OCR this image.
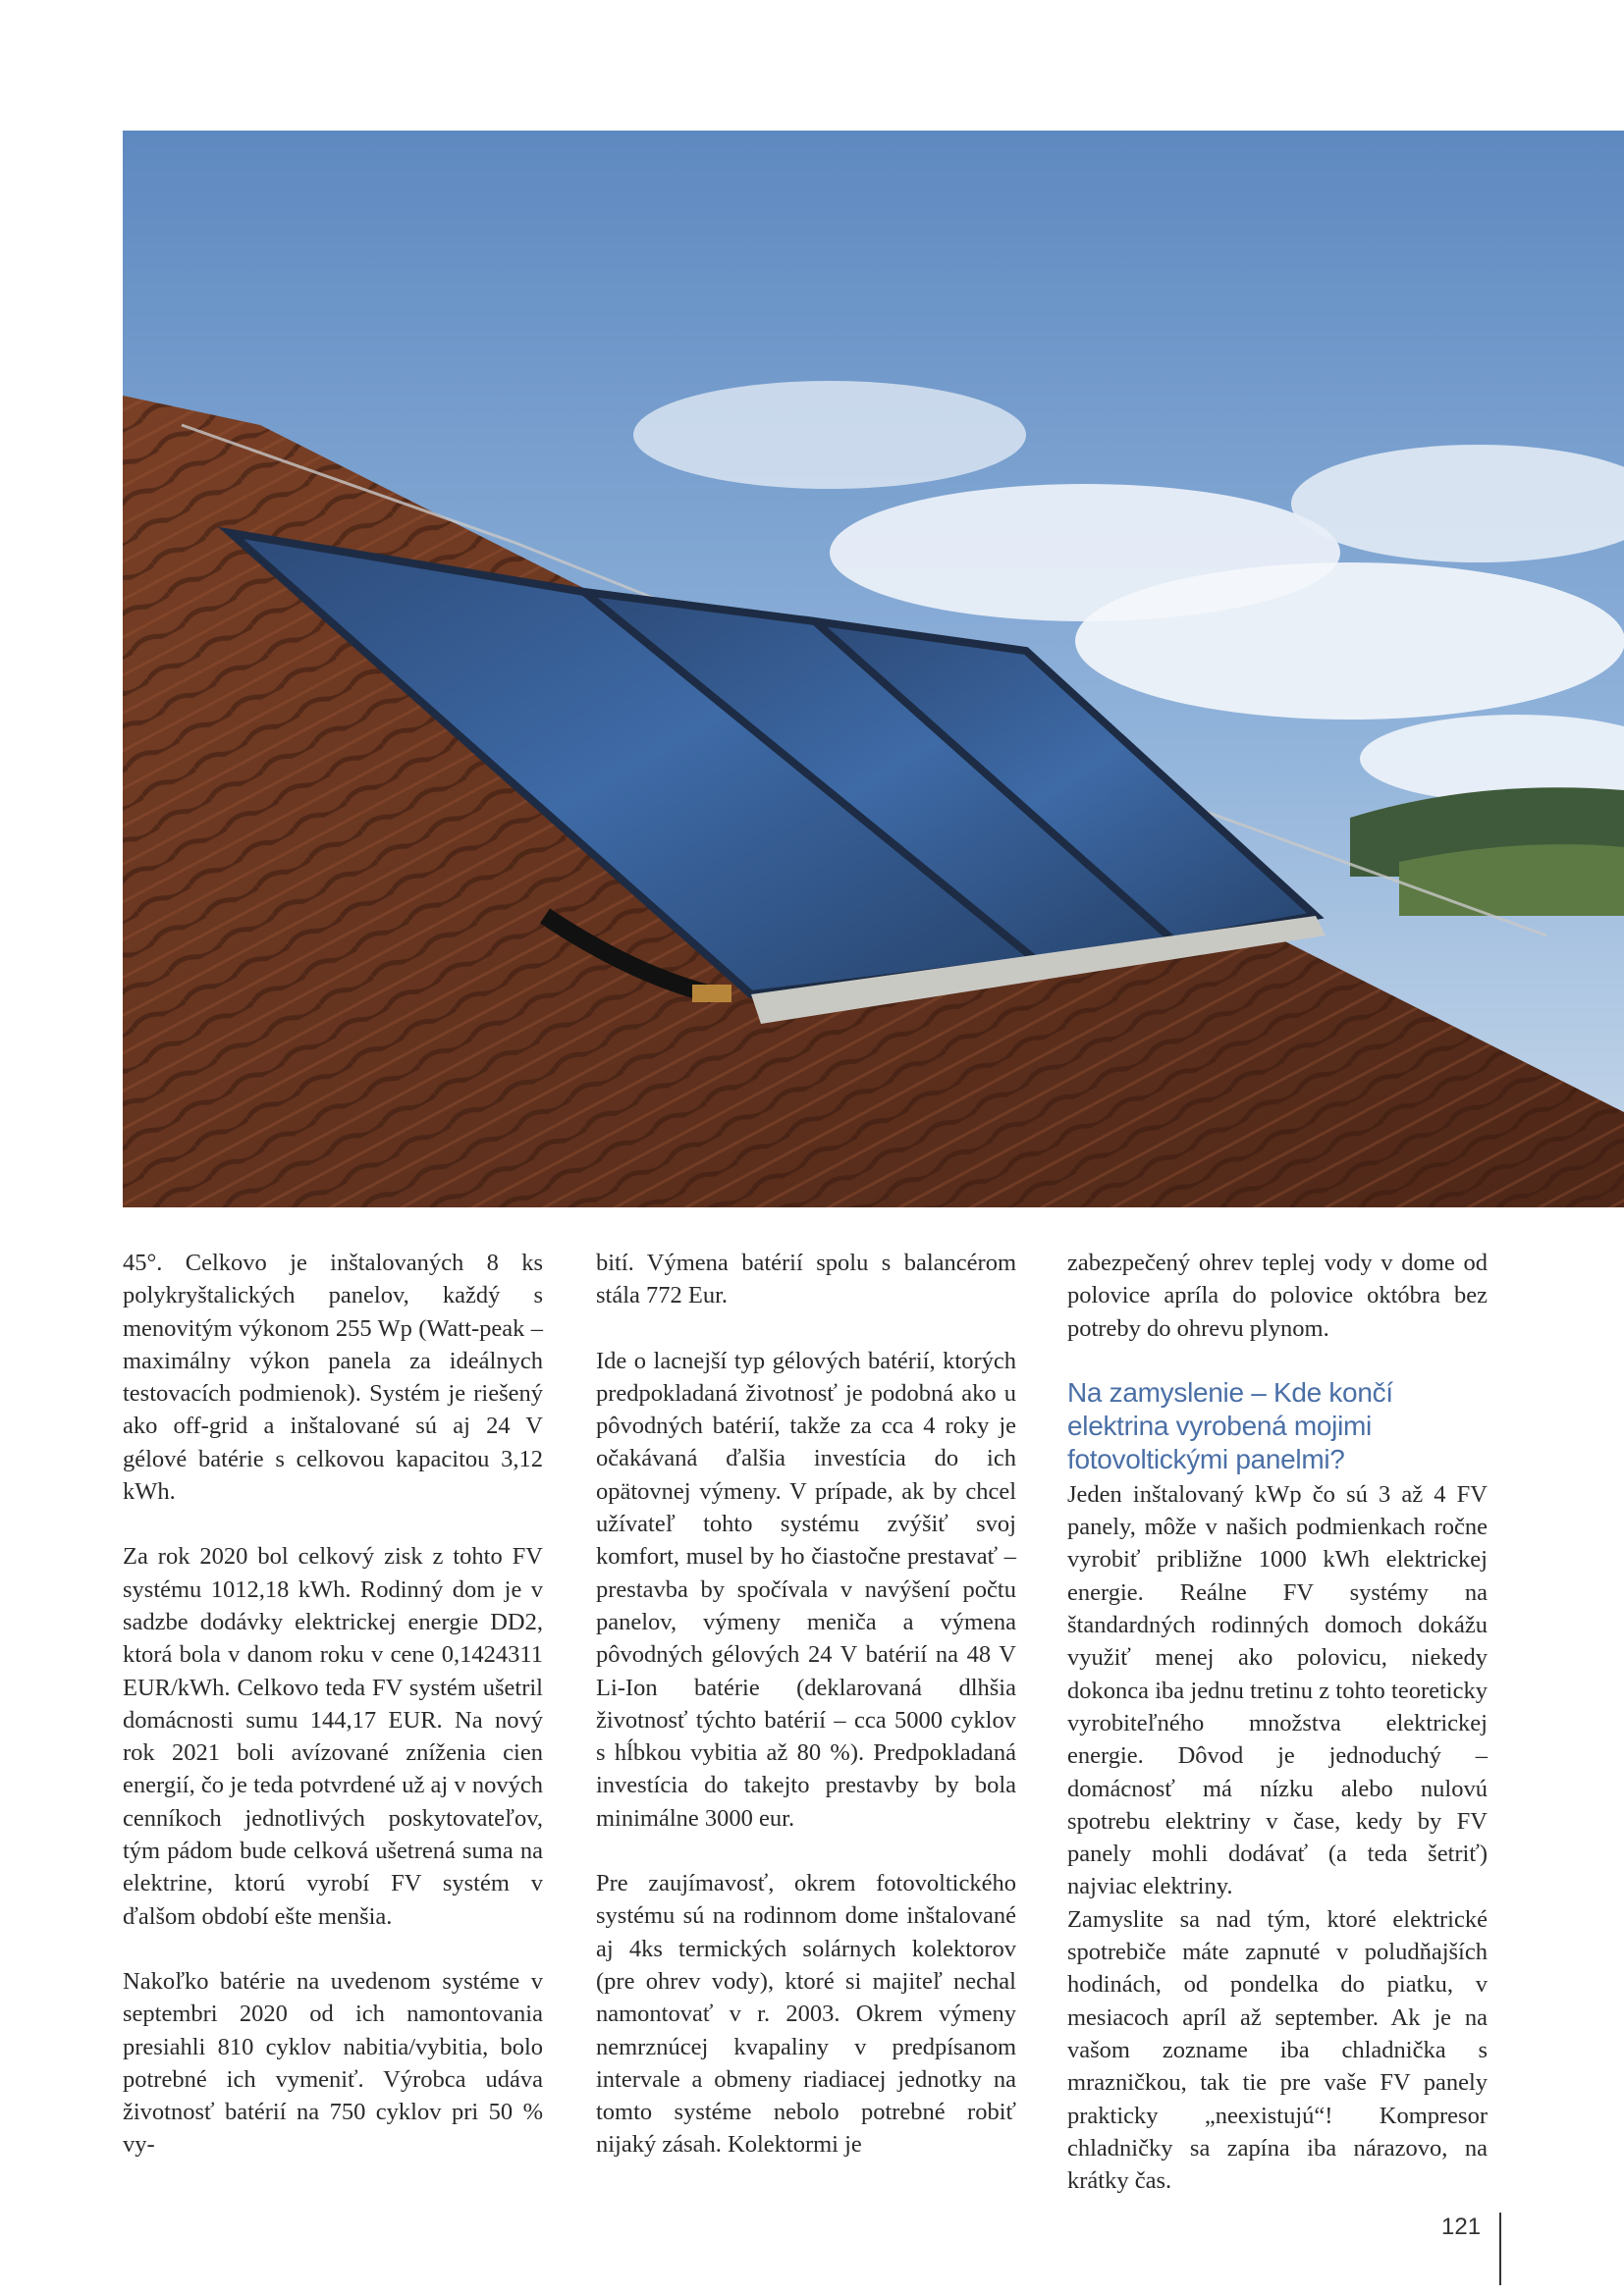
45°. Celkovo je inštalovaných 8 ks polykryštalických panelov, každý s menovitým výkonom 255 Wp (Watt-peak – maximálny výkon panela za ideálnych testovacích podmienok). Systém je riešený ako off-grid a inštalované sú aj 24 V gélové batérie s celkovou kapacitou 3,12 kWh.

Za rok 2020 bol celkový zisk z tohto FV systému 1012,18 kWh. Rodinný dom je v sadzbe dodávky elektrickej energie DD2, ktorá bola v danom roku v cene 0,1424311 EUR/kWh. Celkovo teda FV systém ušetril domácnosti sumu 144,17 EUR. Na nový rok 2021 boli avízované zníženia cien energií, čo je teda potvrdené už aj v nových cenníkoch jednotlivých poskytovateľov, tým pádom bude celková ušetrená suma na elektrine, ktorú vyrobí FV systém v ďalšom období ešte menšia.

Nakoľko batérie na uvedenom systéme v septembri 2020 od ich namontovania presiahli 810 cyklov nabitia/vybitia, bolo potrebné ich vymeniť. Výrobca udáva životnosť batérií na 750 cyklov pri 50 % vy-

bití. Výmena batérií spolu s balancérom stála 772 Eur.

Ide o lacnejší typ gélových batérií, ktorých predpokladaná životnosť je podobná ako u pôvodných batérií, takže za cca 4 roky je očakávaná ďalšia investícia do ich opätovnej výmeny. V prípade, ak by chcel užívateľ tohto systému zvýšiť svoj komfort, musel by ho čiastočne prestavať – prestavba by spočívala v navýšení počtu panelov, výmeny meniča a výmena pôvodných gélových 24 V batérií na 48 V Li-Ion batérie (deklarovaná dlhšia životnosť týchto batérií – cca 5000 cyklov s hĺbkou vybitia až 80 %). Predpokladaná investícia do takejto prestavby by bola minimálne 3000 eur.

Pre zaujímavosť, okrem fotovoltického systému sú na rodinnom dome inštalované aj 4ks termických solárnych kolektorov (pre ohrev vody), ktoré si majiteľ nechal namontovať v r. 2003. Okrem výmeny nemrznúcej kvapaliny v predpísanom intervale a obmeny riadiacej jednotky na tomto systéme nebolo potrebné robiť nijaký zásah. Kolektormi je

zabezpečený ohrev teplej vody v dome od polovice apríla do polovice októbra bez potreby do ohrevu plynom.

Na zamyslenie – Kde končí elektrina vyrobená mojimi fotovoltickými panelmi?

Jeden inštalovaný kWp čo sú 3 až 4 FV panely, môže v našich podmienkach ročne vyrobiť približne 1000 kWh elektrickej energie. Reálne FV systémy na štandardných rodinných domoch dokážu využiť menej ako polovicu, niekedy dokonca iba jednu tretinu z tohto teoreticky vyrobiteľného množstva elektrickej energie. Dôvod je jednoduchý – domácnosť má nízku alebo nulovú spotrebu elektriny v čase, kedy by FV panely mohli dodávať (a teda šetriť) najviac elektriny.

Zamyslite sa nad tým, ktoré elektrické spotrebiče máte zapnuté v poludňajších hodinách, od pondelka do piatku, v mesiacoch apríl až september. Ak je na vašom zozname iba chladnička s mrazničkou, tak tie pre vaše FV panely prakticky „neexistujú“! Kompresor chladničky sa zapína iba nárazovo, na krátky čas.

121
